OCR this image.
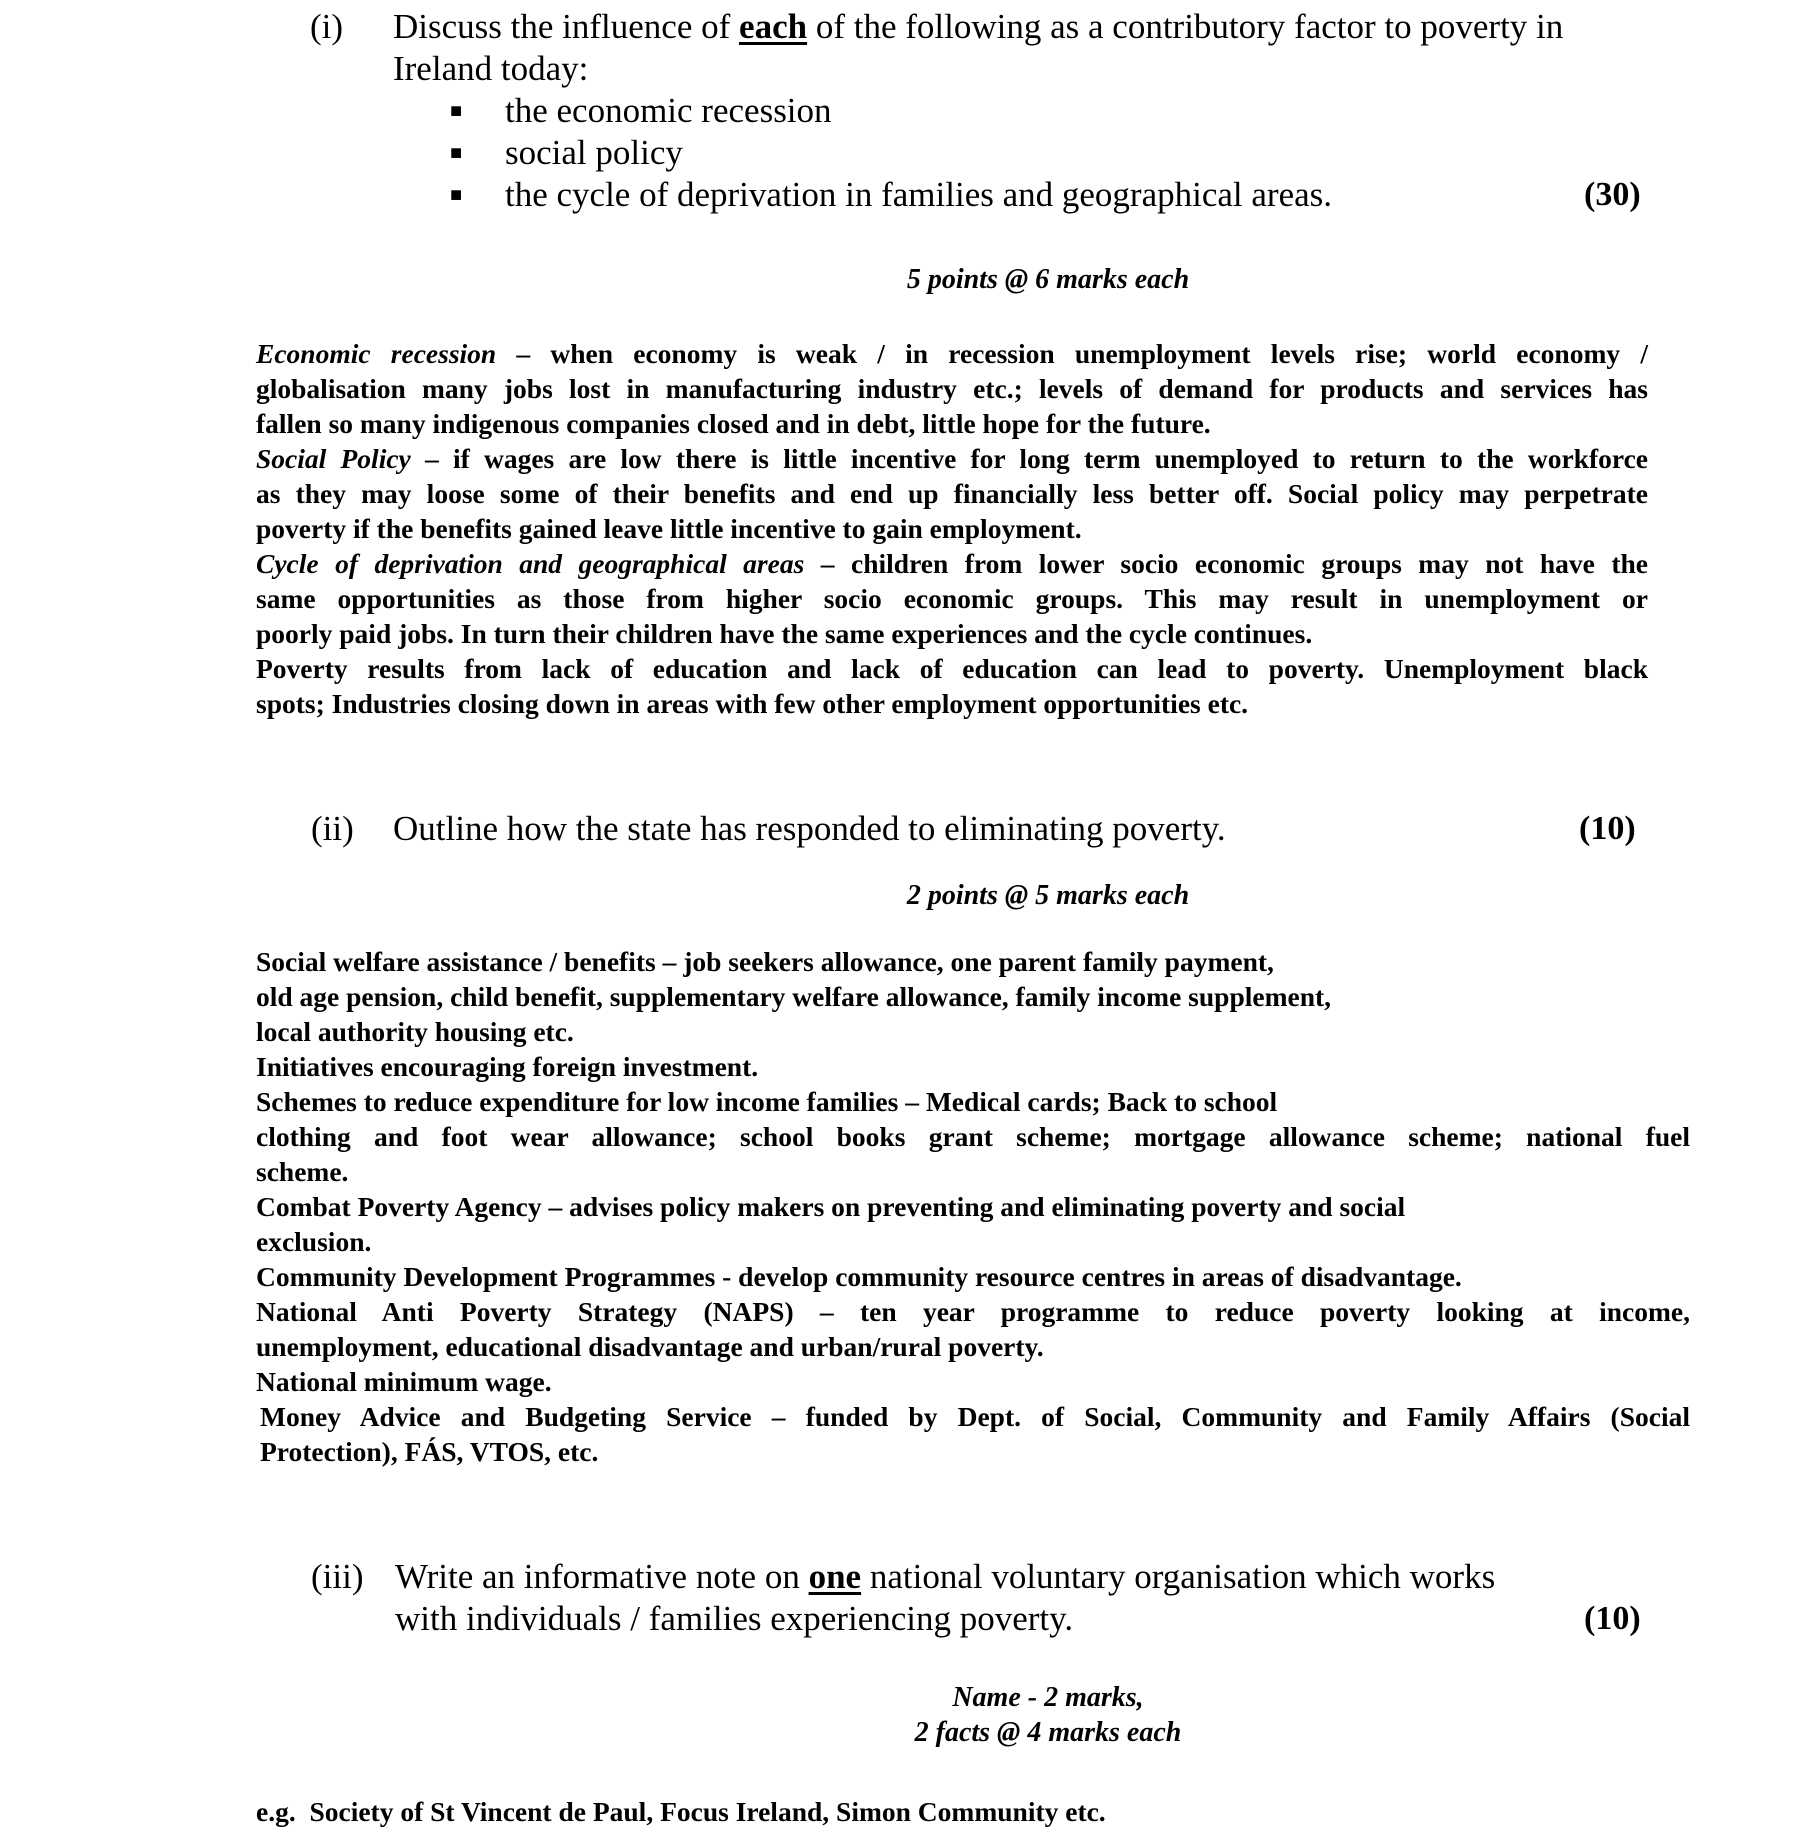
(i) Discuss the influence of each of the following as a contributory factor to poverty in
Ireland today:
■ the economic recession
■ social policy
■ the cycle of deprivation in families and geographical areas.	(30)
5 points @ 6 marks each
Economic recession – when economy is weak / in recession unemployment levels rise; world economy /
globalisation many jobs lost in manufacturing industry etc.; levels of demand for products and services has
fallen so many indigenous companies closed and in debt, little hope for the future.
Social Policy – if wages are low there is little incentive for long term unemployed to return to the workforce
as they may loose some of their benefits and end up financially less better off. Social policy may perpetrate
poverty if the benefits gained leave little incentive to gain employment.
Cycle of deprivation and geographical areas – children from lower socio economic groups may not have the
same opportunities as those from higher socio economic groups. This may result in unemployment or
poorly paid jobs. In turn their children have the same experiences and the cycle continues.
Poverty results from lack of education and lack of education can lead to poverty. Unemployment black
spots; Industries closing down in areas with few other employment opportunities etc.
(ii) Outline how the state has responded to eliminating poverty.	(10)
2 points @ 5 marks each
Social welfare assistance / benefits – job seekers allowance, one parent family payment,
old age pension, child benefit, supplementary welfare allowance, family income supplement,
local authority housing etc.
Initiatives encouraging foreign investment.
Schemes to reduce expenditure for low income families – Medical cards; Back to school
clothing and foot wear allowance; school books grant scheme; mortgage allowance scheme; national fuel
scheme.
Combat Poverty Agency – advises policy makers on preventing and eliminating poverty and social
exclusion.
Community Development Programmes - develop community resource centres in areas of disadvantage.
National Anti Poverty Strategy (NAPS) – ten year programme to reduce poverty looking at income,
unemployment, educational disadvantage and urban/rural poverty.
National minimum wage.
Money Advice and Budgeting Service – funded by Dept. of Social, Community and Family Affairs (Social
Protection), FÁS, VTOS, etc.
(iii) Write an informative note on one national voluntary organisation which works
with individuals / families experiencing poverty.	(10)
Name - 2 marks,
2 facts @ 4 marks each
e.g.  Society of St Vincent de Paul, Focus Ireland, Simon Community etc.
